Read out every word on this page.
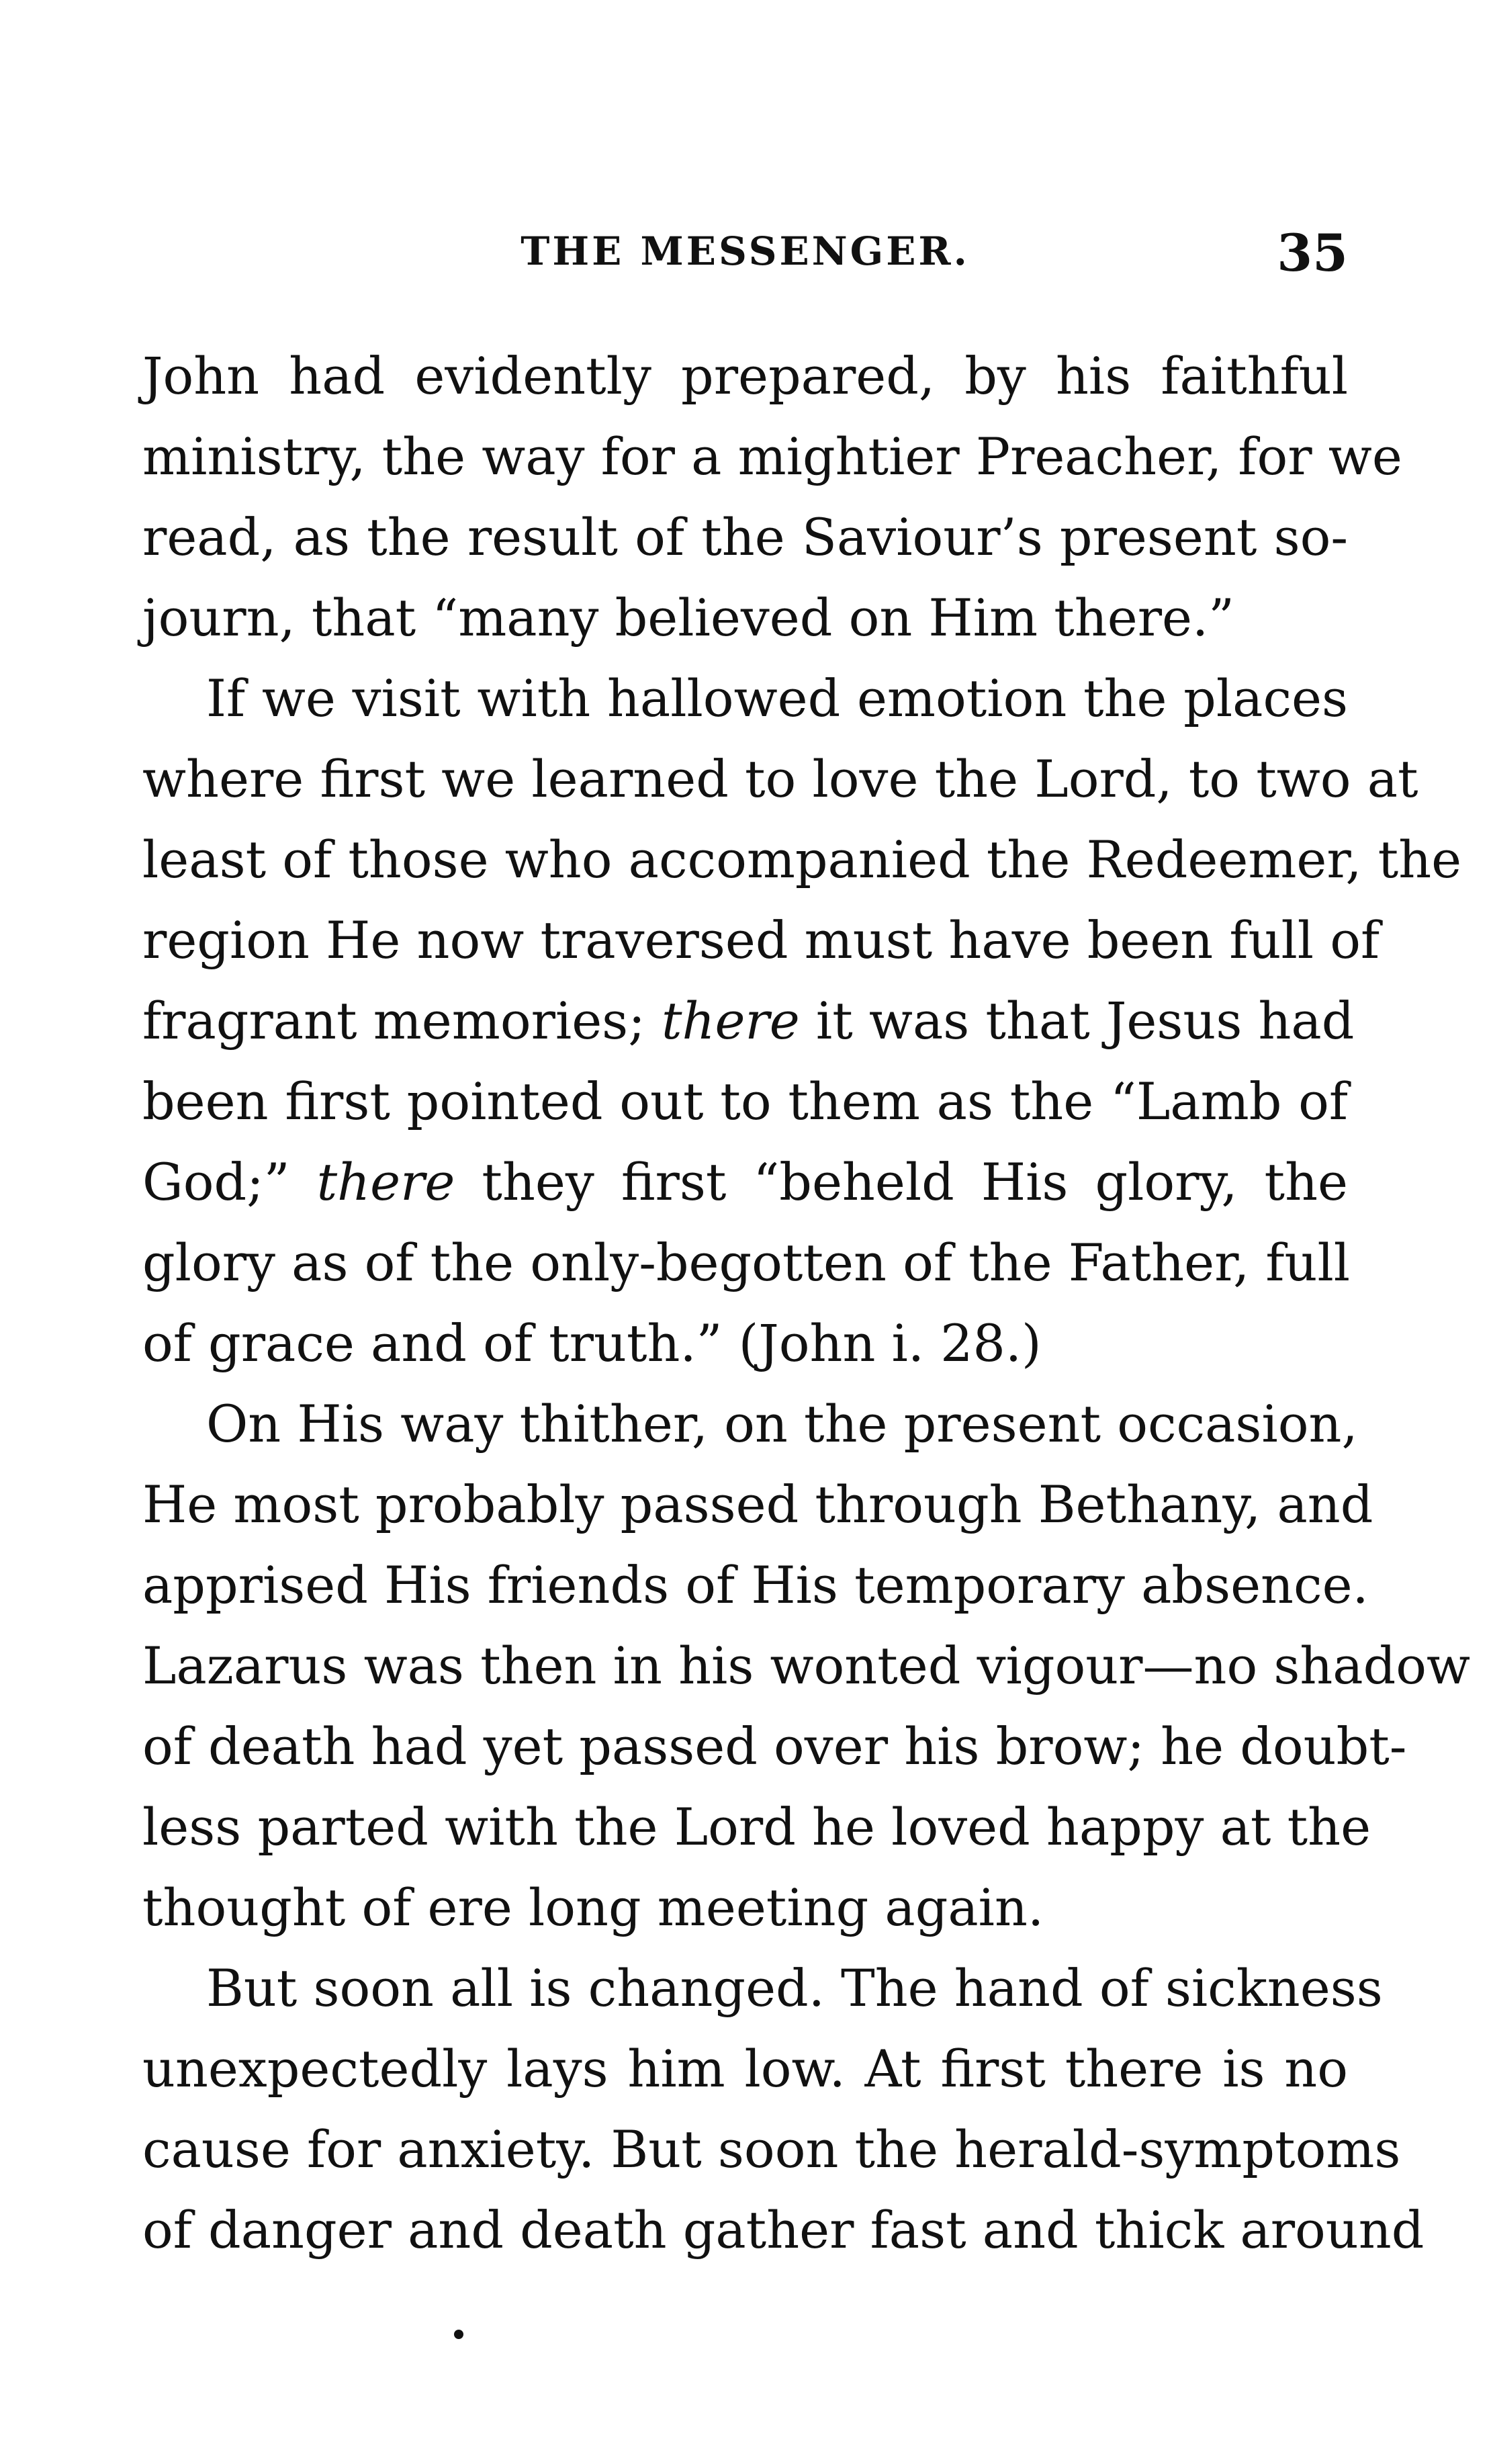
THE MESSENGER.	35
John had evidently prepared, by his faithful
ministry, the way for a mightier Preacher, for we
read, as the result of the Saviour’s present so-
journ, that “many believed on Him there.”
If we visit with hallowed emotion the places
where first we learned to love the Lord, to two at
least of those who accompanied the Redeemer, the
region He now traversed must have been full of
fragrant memories; there it was that Jesus had
been first pointed out to them as the “Lamb of
God;” there they first “beheld His glory, the
glory as of the only-begotten of the Father, full
of grace and of truth.” (John i. 28.)
On His way thither, on the present occasion,
He most probably passed through Bethany, and
apprised His friends of His temporary absence.
Lazarus was then in his wonted vigour—no shadow
of death had yet passed over his brow; he doubt-
less parted with the Lord he loved happy at the
thought of ere long meeting again.
But soon all is changed. The hand of sickness
unexpectedly lays him low. At first there is no
cause for anxiety. But soon the herald-symptoms
of danger and death gather fast and thick around
